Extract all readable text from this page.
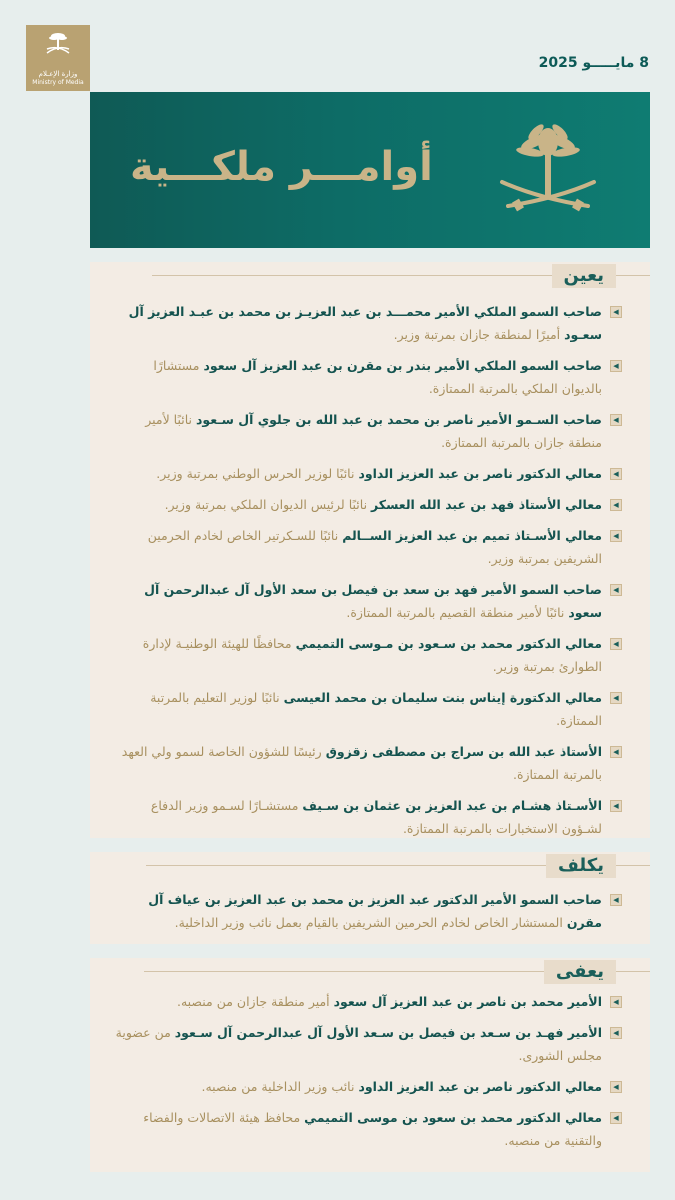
وزارة الإعـلام
Ministry of Media
8 مايـــــو 2025
أوامـــر ملكـــية
يعين
◀
صاحب السمو الملكي الأمير محمـــد بن عبد العزيـز بن محمد بن عبـد العزيز آل سعـود أميرًا لمنطقة جازان بمرتبة وزير.
◀
صاحب السمو الملكي الأمير بندر بن مقرن بن عبد العزيز آل سعود مستشارًا بالديوان الملكي بالمرتبة الممتازة.
◀
صاحب السـمو الأمير ناصر بن محمد بن عبد الله بن جلوي آل سـعود نائبًا لأمير منطقة جازان بالمرتبة الممتازة.
◀
معالي الدكتور ناصر بن عبد العزيز الداود نائبًا لوزير الحرس الوطني بمرتبة وزير.
◀
معالي الأستاذ فهد بن عبد الله العسكر نائبًا لرئيس الديوان الملكي بمرتبة وزير.
◀
معالي الأسـتاذ تميم بن عبد العزيز الســالم نائبًا للسـكرتير الخاص لخادم الحرمين الشريفين بمرتبة وزير.
◀
صاحب السمو الأمير فهد بن سعد بن فيصل بن سعد الأول آل عبدالرحمن آل سعود نائبًا لأمير منطقة القصيم بالمرتبة الممتازة.
◀
معالي الدكتور محمد بن سـعود بن مـوسى التميمي محافظًا للهيئة الوطنيـة لإدارة الطوارئ بمرتبة وزير.
◀
معالي الدكتورة إيناس بنت سليمان بن محمد العيسى نائبًا لوزير التعليم بالمرتبة الممتازة.
◀
الأستاذ عبد الله بن سراج بن مصطفى زقزوق رئيسًا للشؤون الخاصة لسمو ولي العهد بالمرتبة الممتازة.
◀
الأسـتاذ هشـام بن عبد العزيز بن عثمان بن سـيف مستشـارًا لسـمو وزير الدفاع لشـؤون الاستخبارات بالمرتبة الممتازة.
يكلف
◀
صاحب السمو الأمير الدكتور عبد العزيز بن محمد بن عبد العزيز بن عياف آل مقرن المستشار الخاص لخادم الحرمين الشريفين بالقيام بعمل نائب وزير الداخلية.
يعفى
◀
الأمير محمد بن ناصر بن عبد العزيز آل سعود أمير منطقة جازان من منصبه.
◀
الأمير فهـد بن سـعد بن فيصل بن سـعد الأول آل عبدالرحمن آل سـعود من عضوية مجلس الشورى.
◀
معالي الدكتور ناصر بن عبد العزيز الداود نائب وزير الداخلية من منصبه.
◀
معالي الدكتور محمد بن سعود بن موسى التميمي محافظ هيئة الاتصالات والفضاء والتقنية من منصبه.
